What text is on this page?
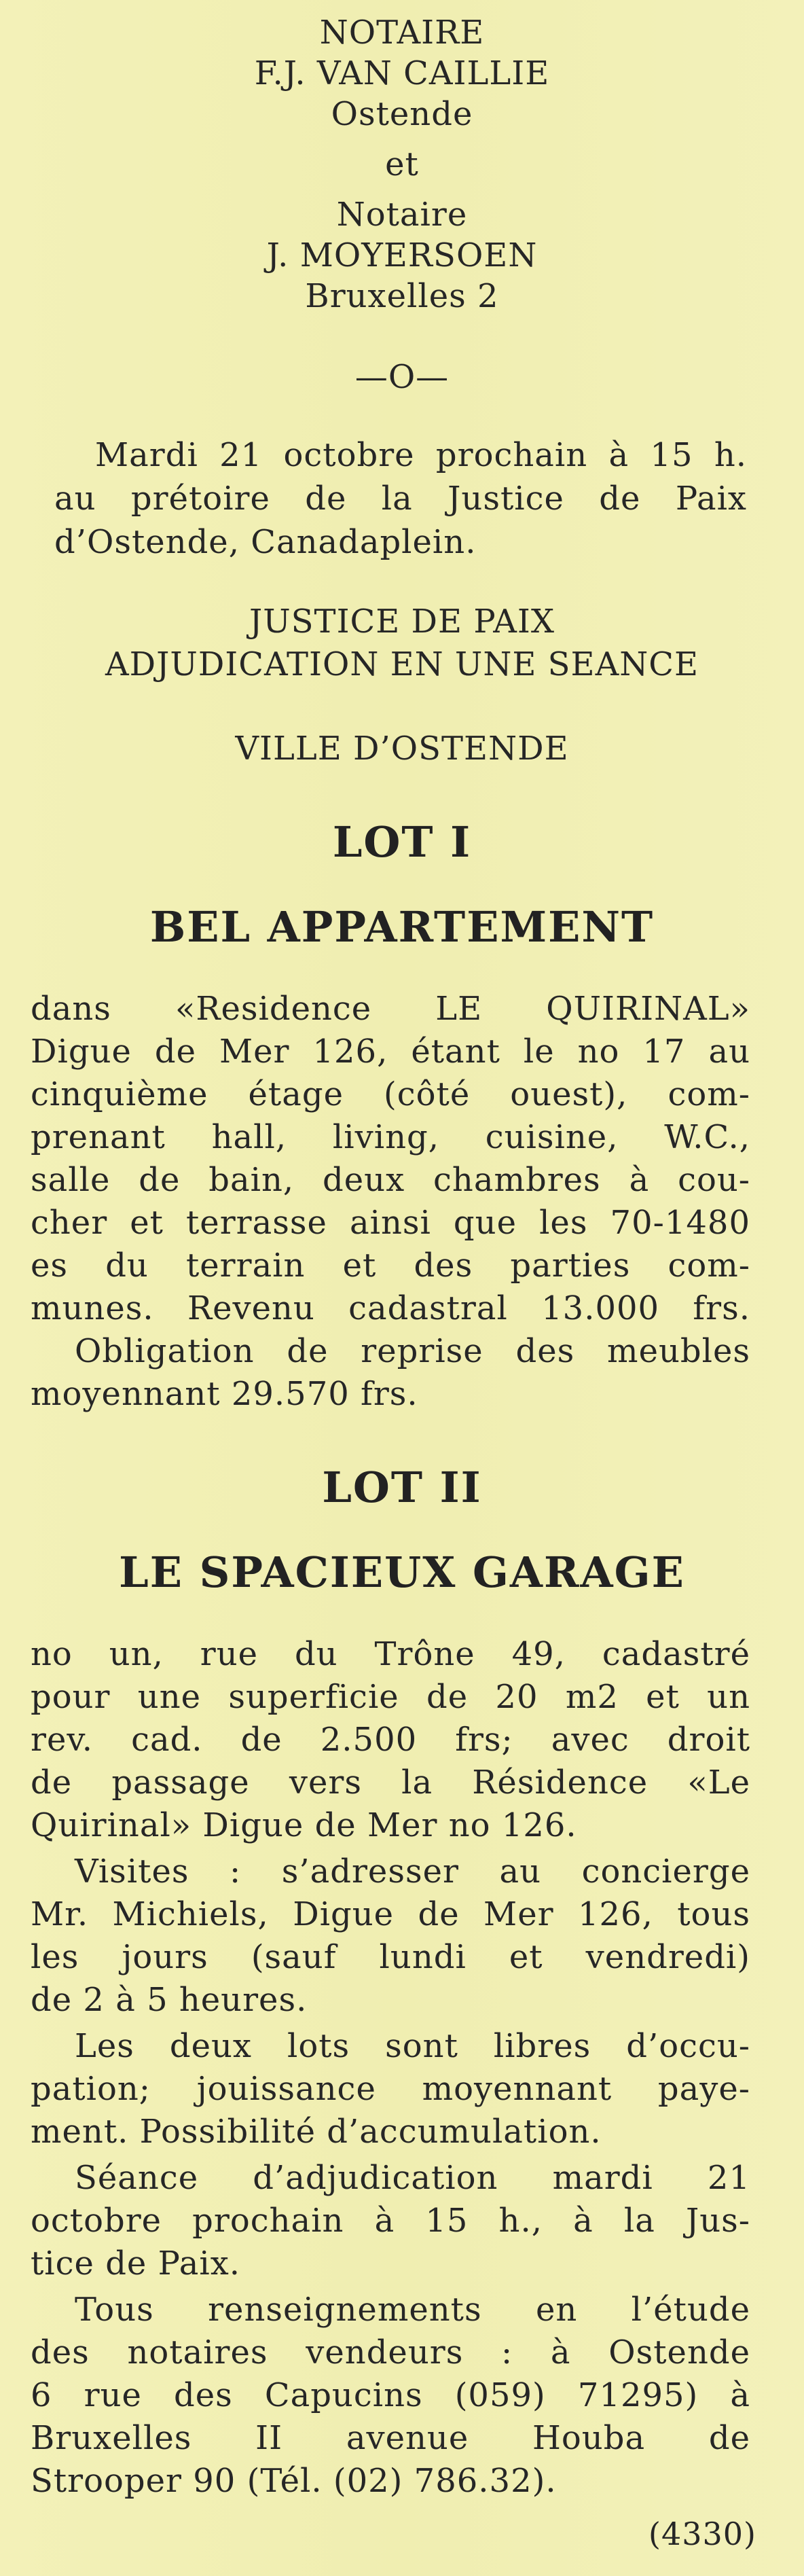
NOTAIRE
F.J. VAN CAILLIE
Ostende
et
Notaire
J. MOYERSOEN
Bruxelles 2
—O—
Mardi 21 octobre prochain à 15 h.
au prétoire de la Justice de Paix
d’Ostende, Canadaplein.
JUSTICE DE PAIX
ADJUDICATION EN UNE SEANCE
VILLE D’OSTENDE
LOT I
BEL APPARTEMENT
dans «Residence LE QUIRINAL»
Digue de Mer 126, étant le no 17 au
cinquième étage (côté ouest), com-
prenant hall, living, cuisine, W.C.,
salle de bain, deux chambres à cou-
cher et terrasse ainsi que les 70-1480
es du terrain et des parties com-
munes. Revenu cadastral 13.000 frs.
Obligation de reprise des meubles
moyennant 29.570 frs.
LOT II
LE SPACIEUX GARAGE
no un, rue du Trône 49, cadastré
pour une superficie de 20 m2 et un
rev. cad. de 2.500 frs; avec droit
de passage vers la Résidence «Le
Quirinal» Digue de Mer no 126.
Visites : s’adresser au concierge
Mr. Michiels, Digue de Mer 126, tous
les jours (sauf lundi et vendredi)
de 2 à 5 heures.
Les deux lots sont libres d’occu-
pation; jouissance moyennant paye-
ment. Possibilité d’accumulation.
Séance d’adjudication mardi 21
octobre prochain à 15 h., à la Jus-
tice de Paix.
Tous renseignements en l’étude
des notaires vendeurs : à Ostende
6 rue des Capucins (059) 71295) à
Bruxelles II avenue Houba de
Strooper 90 (Tél. (02) 786.32).
(4330)
